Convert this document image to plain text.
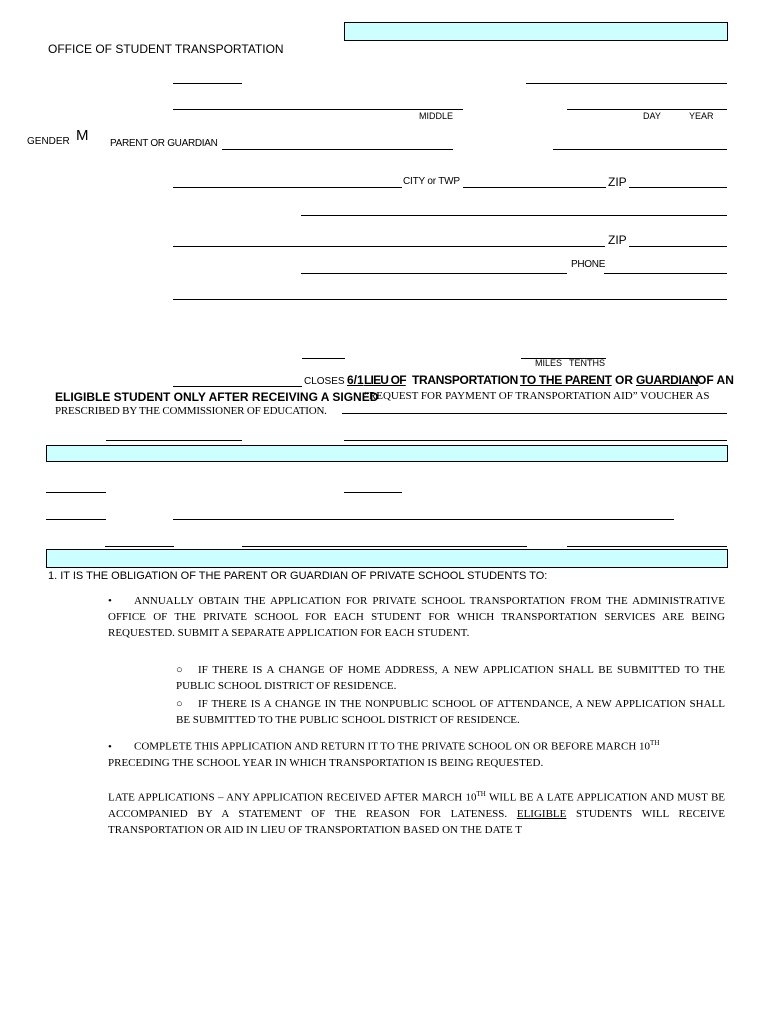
OFFICE OF STUDENT TRANSPORTATION
MIDDLE	DAY	YEAR
GENDER M PARENT OR GUARDIAN
CITY or TWP	ZIP
ZIP
PHONE
MILES TENTHS
CLOSES 6/1 LIEU OF TRANSPORTATION TO THE PARENT OR GUARDIAN
OF AN
ELIGIBLE STUDENT ONLY AFTER RECEIVING A SIGNED
“REQUEST FOR PAYMENT OF TRANSPORTATION AID” VOUCHER AS
PRESCRIBED BY THE COMMISSIONER OF EDUCATION.
1. IT IS THE OBLIGATION OF THE PARENT OR GUARDIAN OF PRIVATE SCHOOL STUDENTS TO:
• ANNUALLY OBTAIN THE APPLICATION FOR PRIVATE SCHOOL TRANSPORTATION FROM THE ADMINISTRATIVE OFFICE OF THE PRIVATE SCHOOL FOR EACH STUDENT FOR WHICH TRANSPORTATION SERVICES ARE BEING REQUESTED. SUBMIT A SEPARATE APPLICATION FOR EACH STUDENT.
○ IF THERE IS A CHANGE OF HOME ADDRESS, A NEW APPLICATION SHALL BE SUBMITTED TO THE PUBLIC SCHOOL DISTRICT OF RESIDENCE.
○ IF THERE IS A CHANGE IN THE NONPUBLIC SCHOOL OF ATTENDANCE, A NEW APPLICATION SHALL BE SUBMITTED TO THE PUBLIC SCHOOL DISTRICT OF RESIDENCE.
• COMPLETE THIS APPLICATION AND RETURN IT TO THE PRIVATE SCHOOL ON OR BEFORE MARCH 10TH
PRECEDING THE SCHOOL YEAR IN WHICH TRANSPORTATION IS BEING REQUESTED.
LATE APPLICATIONS – ANY APPLICATION RECEIVED AFTER MARCH 10TH WILL BE A LATE APPLICATION AND MUST BE ACCOMPANIED BY A STATEMENT OF THE REASON FOR LATENESS. ELIGIBLE STUDENTS WILL RECEIVE TRANSPORTATION OR AID IN LIEU OF TRANSPORTATION BASED ON THE DATE T
